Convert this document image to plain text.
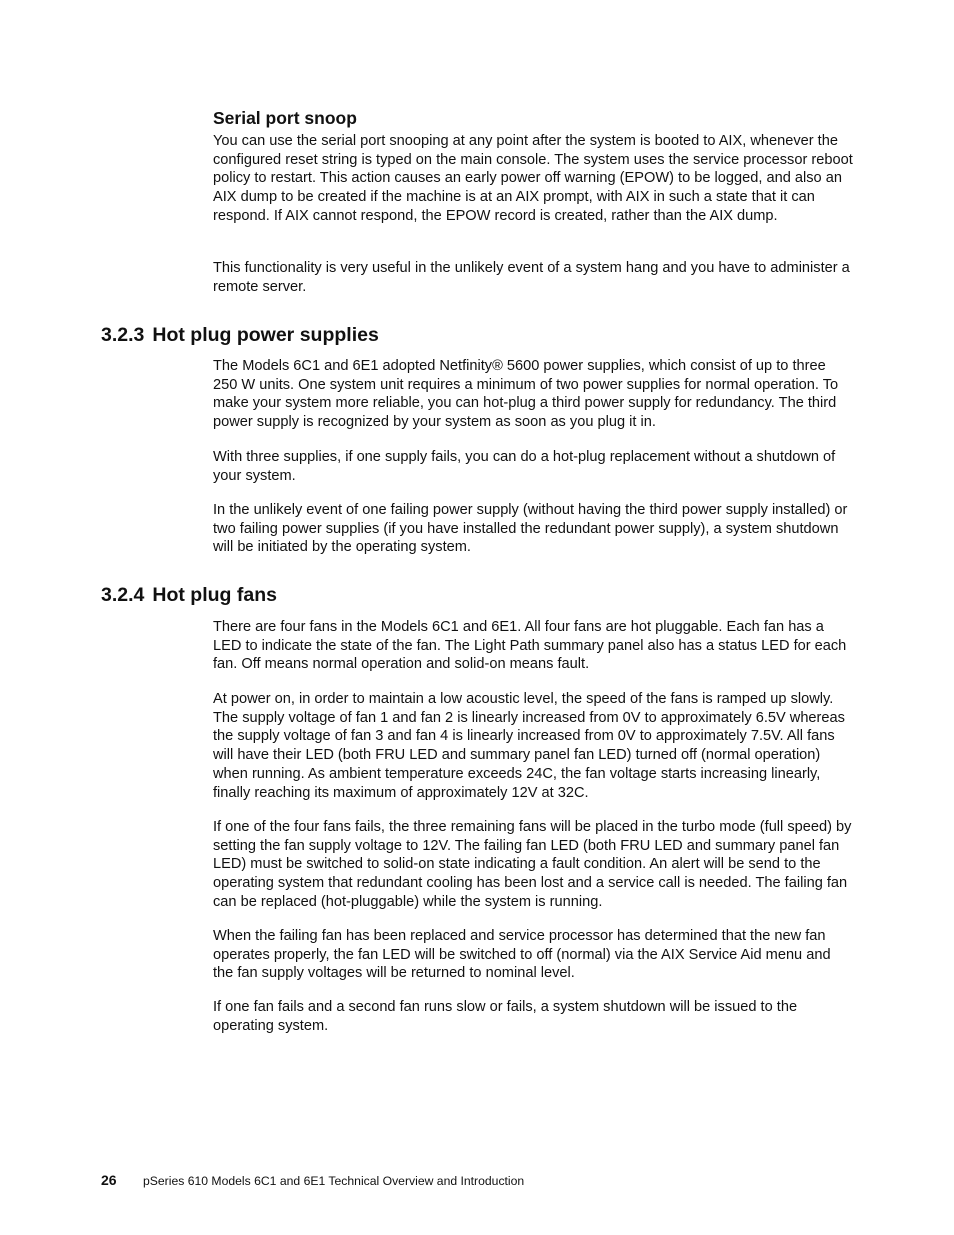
Serial port snoop

You can use the serial port snooping at any point after the system is booted to AIX, whenever the configured reset string is typed on the main console. The system uses the service processor reboot policy to restart. This action causes an early power off warning (EPOW) to be logged, and also an AIX dump to be created if the machine is at an AIX prompt, with AIX in such a state that it can respond. If AIX cannot respond, the EPOW record is created, rather than the AIX dump.

This functionality is very useful in the unlikely event of a system hang and you have to administer a remote server.

3.2.3 Hot plug power supplies

The Models 6C1 and 6E1 adopted Netfinity® 5600 power supplies, which consist of up to three 250 W units. One system unit requires a minimum of two power supplies for normal operation. To make your system more reliable, you can hot-plug a third power supply for redundancy. The third power supply is recognized by your system as soon as you plug it in.

With three supplies, if one supply fails, you can do a hot-plug replacement without a shutdown of your system.

In the unlikely event of one failing power supply (without having the third power supply installed) or two failing power supplies (if you have installed the redundant power supply), a system shutdown will be initiated by the operating system.

3.2.4 Hot plug fans

There are four fans in the Models 6C1 and 6E1. All four fans are hot pluggable. Each fan has a LED to indicate the state of the fan. The Light Path summary panel also has a status LED for each fan. Off means normal operation and solid-on means fault.

At power on, in order to maintain a low acoustic level, the speed of the fans is ramped up slowly. The supply voltage of fan 1 and fan 2 is linearly increased from 0V to approximately 6.5V whereas the supply voltage of fan 3 and fan 4 is linearly increased from 0V to approximately 7.5V. All fans will have their LED (both FRU LED and summary panel fan LED) turned off (normal operation) when running. As ambient temperature exceeds 24C, the fan voltage starts increasing linearly, finally reaching its maximum of approximately 12V at 32C.

If one of the four fans fails, the three remaining fans will be placed in the turbo mode (full speed) by setting the fan supply voltage to 12V. The failing fan LED (both FRU LED and summary panel fan LED) must be switched to solid-on state indicating a fault condition. An alert will be send to the operating system that redundant cooling has been lost and a service call is needed. The failing fan can be replaced (hot-pluggable) while the system is running.

When the failing fan has been replaced and service processor has determined that the new fan operates properly, the fan LED will be switched to off (normal) via the AIX Service Aid menu and the fan supply voltages will be returned to nominal level.

If one fan fails and a second fan runs slow or fails, a system shutdown will be issued to the operating system.

26 pSeries 610 Models 6C1 and 6E1 Technical Overview and Introduction
